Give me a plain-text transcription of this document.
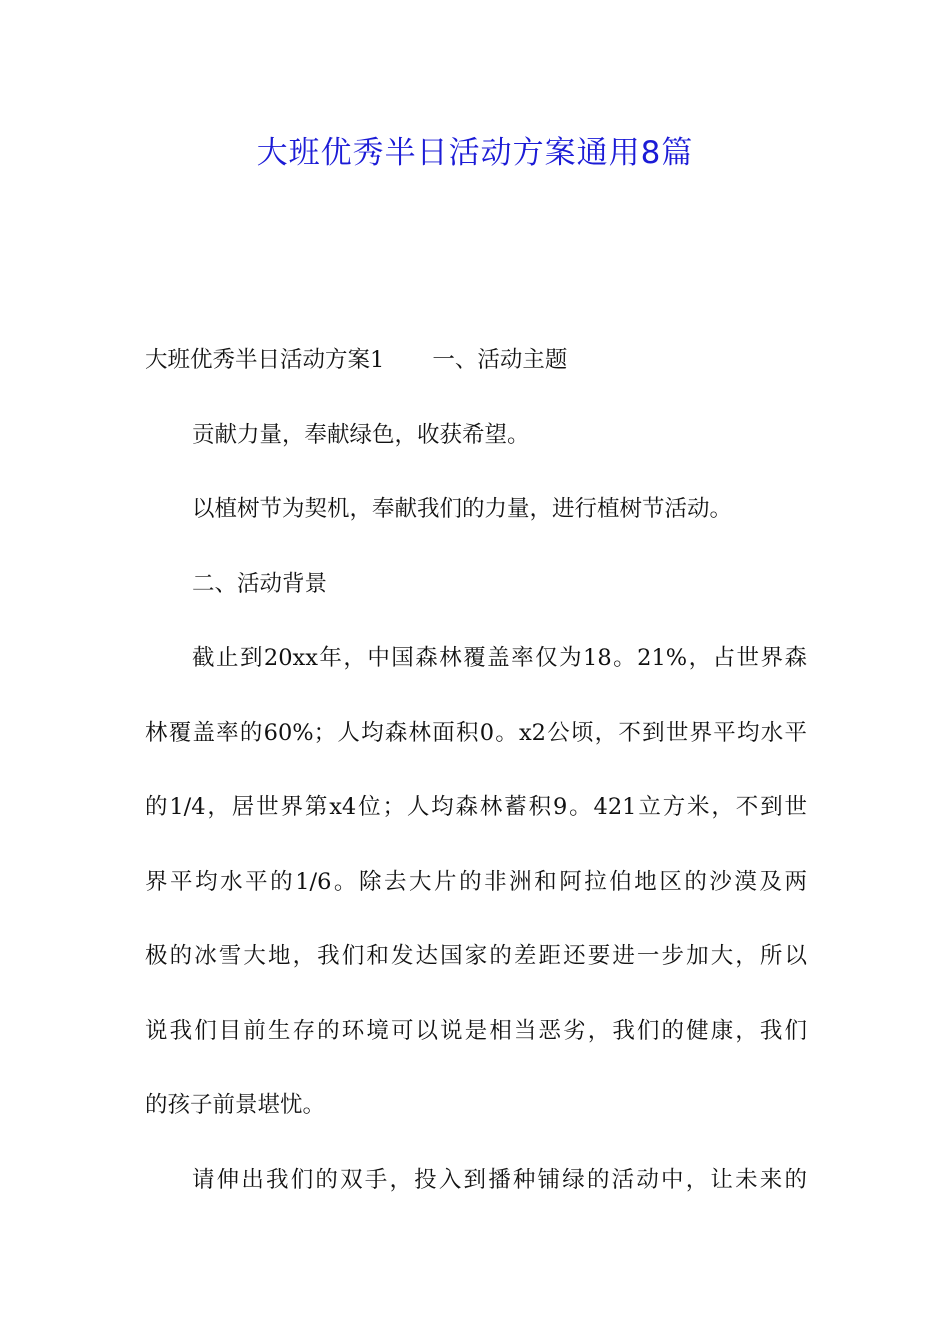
大班优秀半日活动方案通用8篇
大班优秀半日活动方案1 一、活动主题
贡献力量，奉献绿色，收获希望。
以植树节为契机，奉献我们的力量，进行植树节活动。
二、活动背景
截止到20xx年，中国森林覆盖率仅为18。21%，占世界森
林覆盖率的60%；人均森林面积0。x2公顷，不到世界平均水平
的1/4，居世界第x4位；人均森林蓄积9。421立方米，不到世
界平均水平的1/6。除去大片的非洲和阿拉伯地区的沙漠及两
极的冰雪大地，我们和发达国家的差距还要进一步加大，所以
说我们目前生存的环境可以说是相当恶劣，我们的健康，我们
的孩子前景堪忧。
请伸出我们的双手，投入到播种铺绿的活动中，让未来的
